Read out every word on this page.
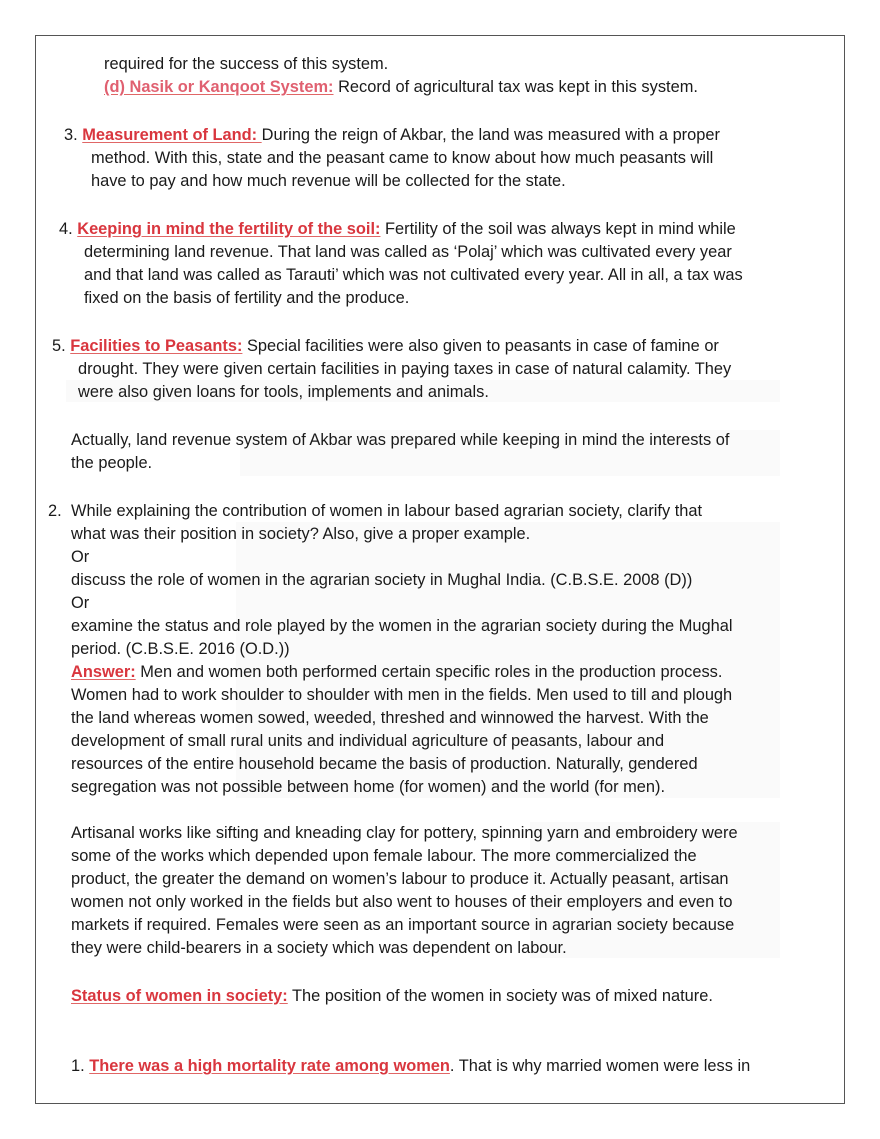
required for the success of this system.
(d) Nasik or Kanqoot System: Record of agricultural tax was kept in this system.
3. Measurement of Land: During the reign of Akbar, the land was measured with a proper
method. With this, state and the peasant came to know about how much peasants will
have to pay and how much revenue will be collected for the state.
4. Keeping in mind the fertility of the soil: Fertility of the soil was always kept in mind while
determining land revenue. That land was called as ‘Polaj’ which was cultivated every year
and that land was called as Tarauti’ which was not cultivated every year. All in all, a tax was
fixed on the basis of fertility and the produce.
5. Facilities to Peasants: Special facilities were also given to peasants in case of famine or
drought. They were given certain facilities in paying taxes in case of natural calamity. They
were also given loans for tools, implements and animals.
Actually, land revenue system of Akbar was prepared while keeping in mind the interests of
the people.
2. While explaining the contribution of women in labour based agrarian society, clarify that
what was their position in society? Also, give a proper example.
Or
discuss the role of women in the agrarian society in Mughal India. (C.B.S.E. 2008 (D))
Or
examine the status and role played by the women in the agrarian society during the Mughal
period. (C.B.S.E. 2016 (O.D.))
Answer: Men and women both performed certain specific roles in the production process.
Women had to work shoulder to shoulder with men in the fields. Men used to till and plough
the land whereas women sowed, weeded, threshed and winnowed the harvest. With the
development of small rural units and individual agriculture of peasants, labour and
resources of the entire household became the basis of production. Naturally, gendered
segregation was not possible between home (for women) and the world (for men).
Artisanal works like sifting and kneading clay for pottery, spinning yarn and embroidery were
some of the works which depended upon female labour. The more commercialized the
product, the greater the demand on women’s labour to produce it. Actually peasant, artisan
women not only worked in the fields but also went to houses of their employers and even to
markets if required. Females were seen as an important source in agrarian society because
they were child-bearers in a society which was dependent on labour.
Status of women in society: The position of the women in society was of mixed nature.
1. There was a high mortality rate among women. That is why married women were less in
